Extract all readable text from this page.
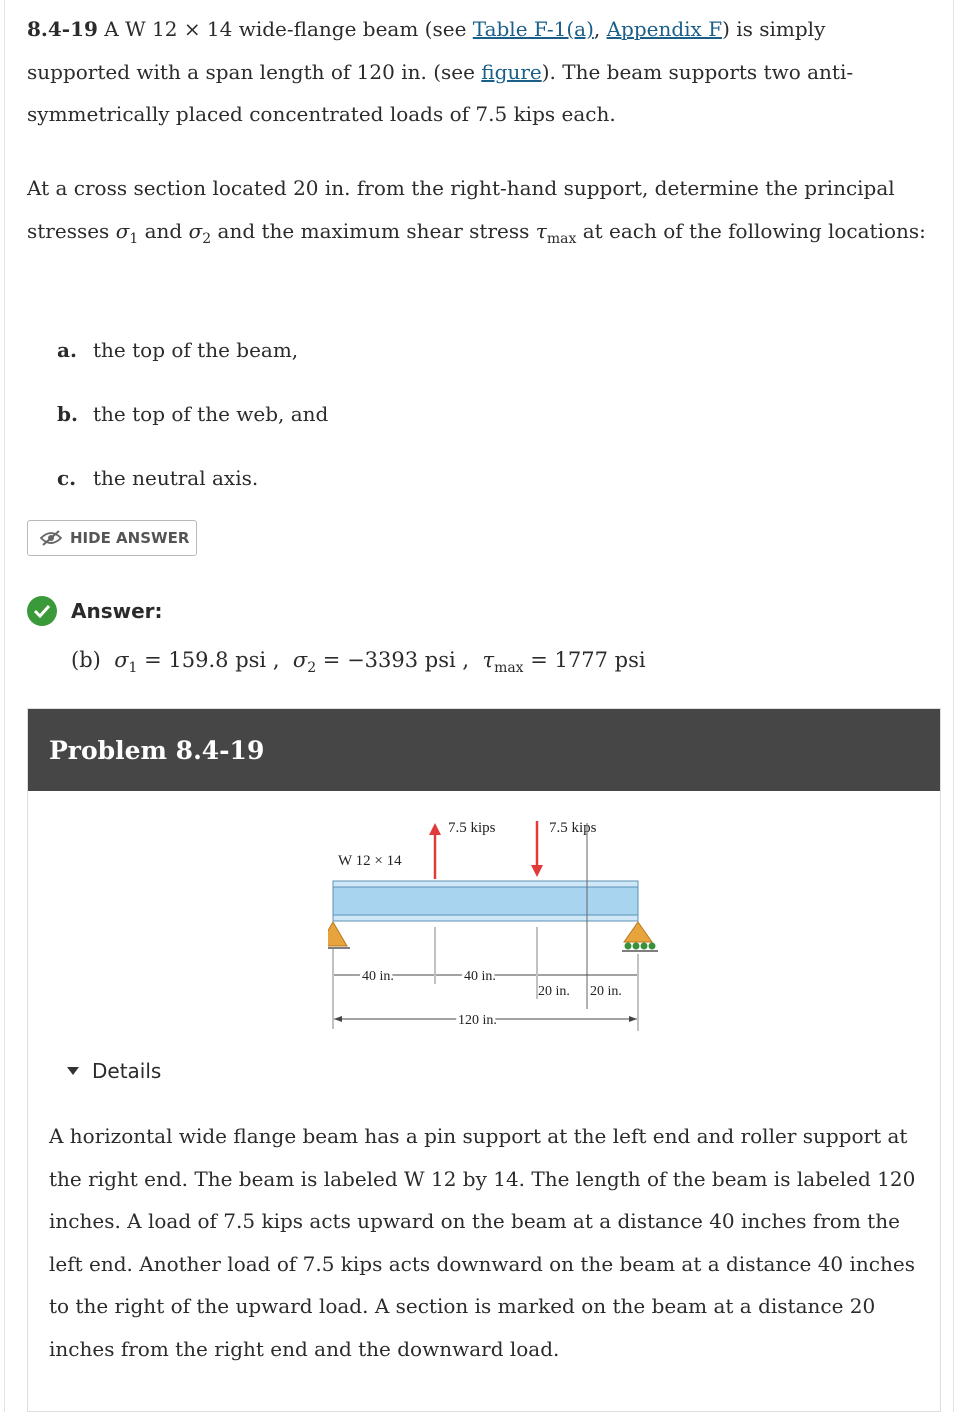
8.4-19 A W 12 × 14 wide-flange beam (see Table F-1(a), Appendix F) is simply supported with a span length of 120 in. (see figure). The beam supports two anti-symmetrically placed concentrated loads of 7.5 kips each.

At a cross section located 20 in. from the right-hand support, determine the principal stresses $\sigma_1$ and $\sigma_2$ and the maximum shear stress $\tau_{max}$ at each of the following locations:

a. the top of the beam,
b. the top of the web, and
c. the neutral axis.
HIDE ANSWER
Answer:
(b) $\sigma_1 = 159.8$ psi ,  $\sigma_2 = -3393$ psi ,  $\tau_{max} = 1777$ psi
Problem 8.4-19
7.5 kips	7.5 kips
W 12 × 14
40 in.	40 in.
20 in. 20 in.
120 in.
Details

A horizontal wide flange beam has a pin support at the left end and roller support at the right end. The beam is labeled W 12 by 14. The length of the beam is labeled 120 inches. A load of 7.5 kips acts upward on the beam at a distance 40 inches from the left end. Another load of 7.5 kips acts downward on the beam at a distance 40 inches to the right of the upward load. A section is marked on the beam at a distance 20 inches from the right end and the downward load.
